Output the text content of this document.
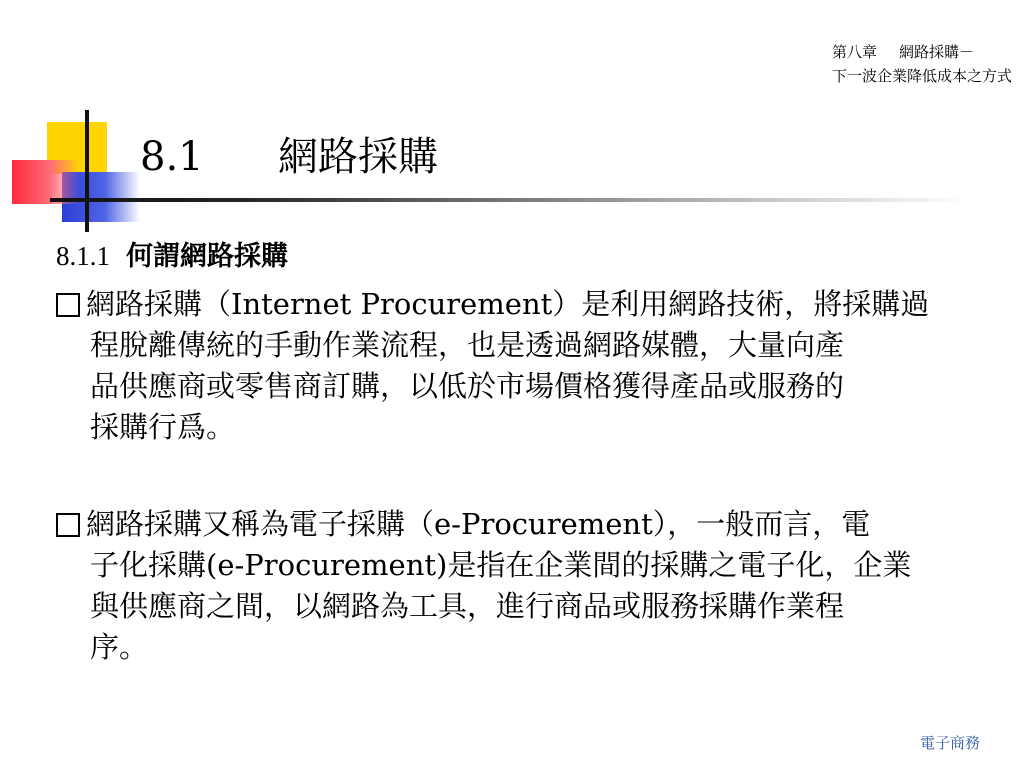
第八章 網路採購－
下一波企業降低成本之方式
8.1 網路採購
8.1.1 何謂網路採購
網路採購（Internet Procurement）是利用網路技術，將採購過
程脫離傳統的手動作業流程，也是透過網路媒體，大量向產
品供應商或零售商訂購，以低於市場價格獲得產品或服務的
採購行爲。
網路採購又稱為電子採購（e-Procurement），一般而言，電
子化採購(e-Procurement)是指在企業間的採購之電子化，企業
與供應商之間，以網路為工具，進行商品或服務採購作業程
序。
電子商務
